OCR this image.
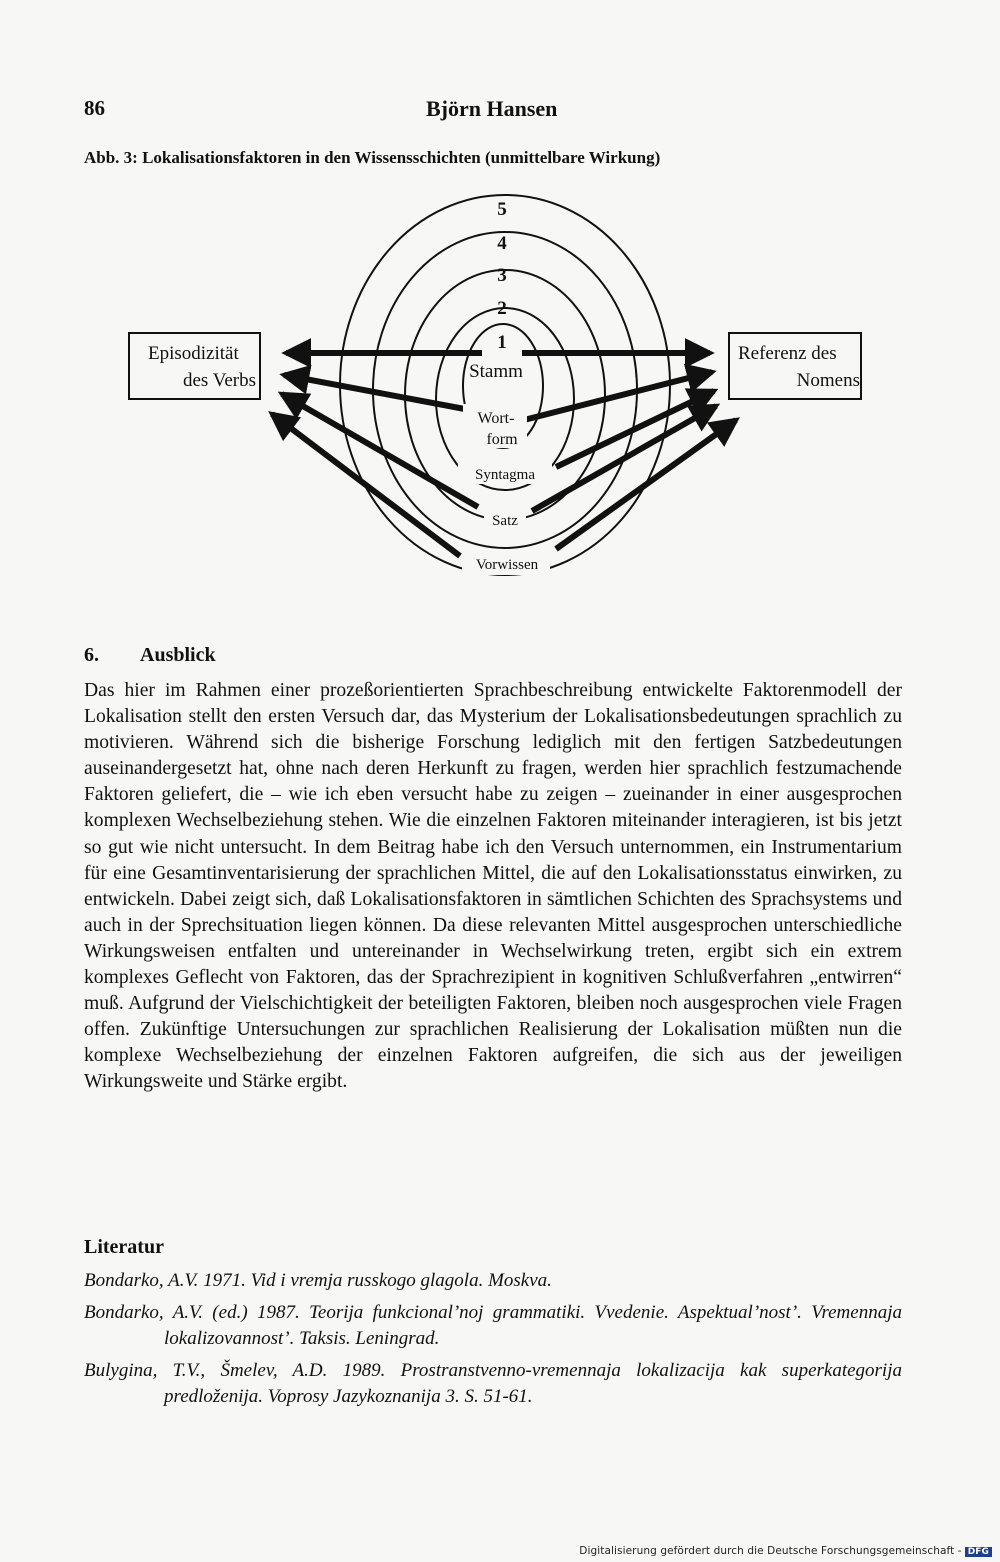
86	Björn Hansen
Abb. 3: Lokalisationsfaktoren in den Wissensschichten (unmittelbare Wirkung)
5
4
3
2
1
Stamm
Wort-
form
Syntagma
Satz
Vorwissen
Episodizität
des Verbs
Referenz des
Nomens
6. Ausblick

Das hier im Rahmen einer prozeßorientierten Sprachbeschreibung entwickelte Faktorenmodell der Lokalisation stellt den ersten Versuch dar, das Mysterium der Lokalisationsbedeutungen sprachlich zu motivieren. Während sich die bisherige Forschung lediglich mit den fertigen Satzbedeutungen auseinandergesetzt hat, ohne nach deren Herkunft zu fragen, werden hier sprachlich festzumachende Faktoren geliefert, die – wie ich eben versucht habe zu zeigen – zueinander in einer ausgesprochen komplexen Wechselbeziehung stehen. Wie die einzelnen Faktoren miteinander interagieren, ist bis jetzt so gut wie nicht untersucht. In dem Beitrag habe ich den Versuch unternommen, ein Instrumentarium für eine Gesamtinventarisierung der sprachlichen Mittel, die auf den Lokalisationsstatus einwirken, zu entwickeln. Dabei zeigt sich, daß Lokalisationsfaktoren in sämtlichen Schichten des Sprachsystems und auch in der Sprechsituation liegen können. Da diese relevanten Mittel ausgesprochen unterschiedliche Wirkungsweisen entfalten und untereinander in Wechselwirkung treten, ergibt sich ein extrem komplexes Geflecht von Faktoren, das der Sprachrezipient in kognitiven Schlußverfahren „entwirren“ muß. Aufgrund der Vielschichtigkeit der beteiligten Faktoren, bleiben noch ausgesprochen viele Fragen offen. Zukünftige Untersuchungen zur sprachlichen Realisierung der Lokalisation müßten nun die komplexe Wechselbeziehung der einzelnen Faktoren aufgreifen, die sich aus der jeweiligen Wirkungsweite und Stärke ergibt.

Literatur

Bondarko, A.V. 1971. Vid i vremja russkogo glagola. Moskva.

Bondarko, A.V. (ed.) 1987. Teorija funkcional’noj grammatiki. Vvedenie. Aspektual’nost’. Vremennaja lokalizovannost’. Taksis. Leningrad.

Bulygina, T.V., Šmelev, A.D. 1989. Prostranstvenno-vremennaja lokalizacija kak superkategorija predloženija. Voprosy Jazykoznanija 3. S. 51-61.

Digitalisierung gefördert durch die Deutsche Forschungsgemeinschaft - DFG
